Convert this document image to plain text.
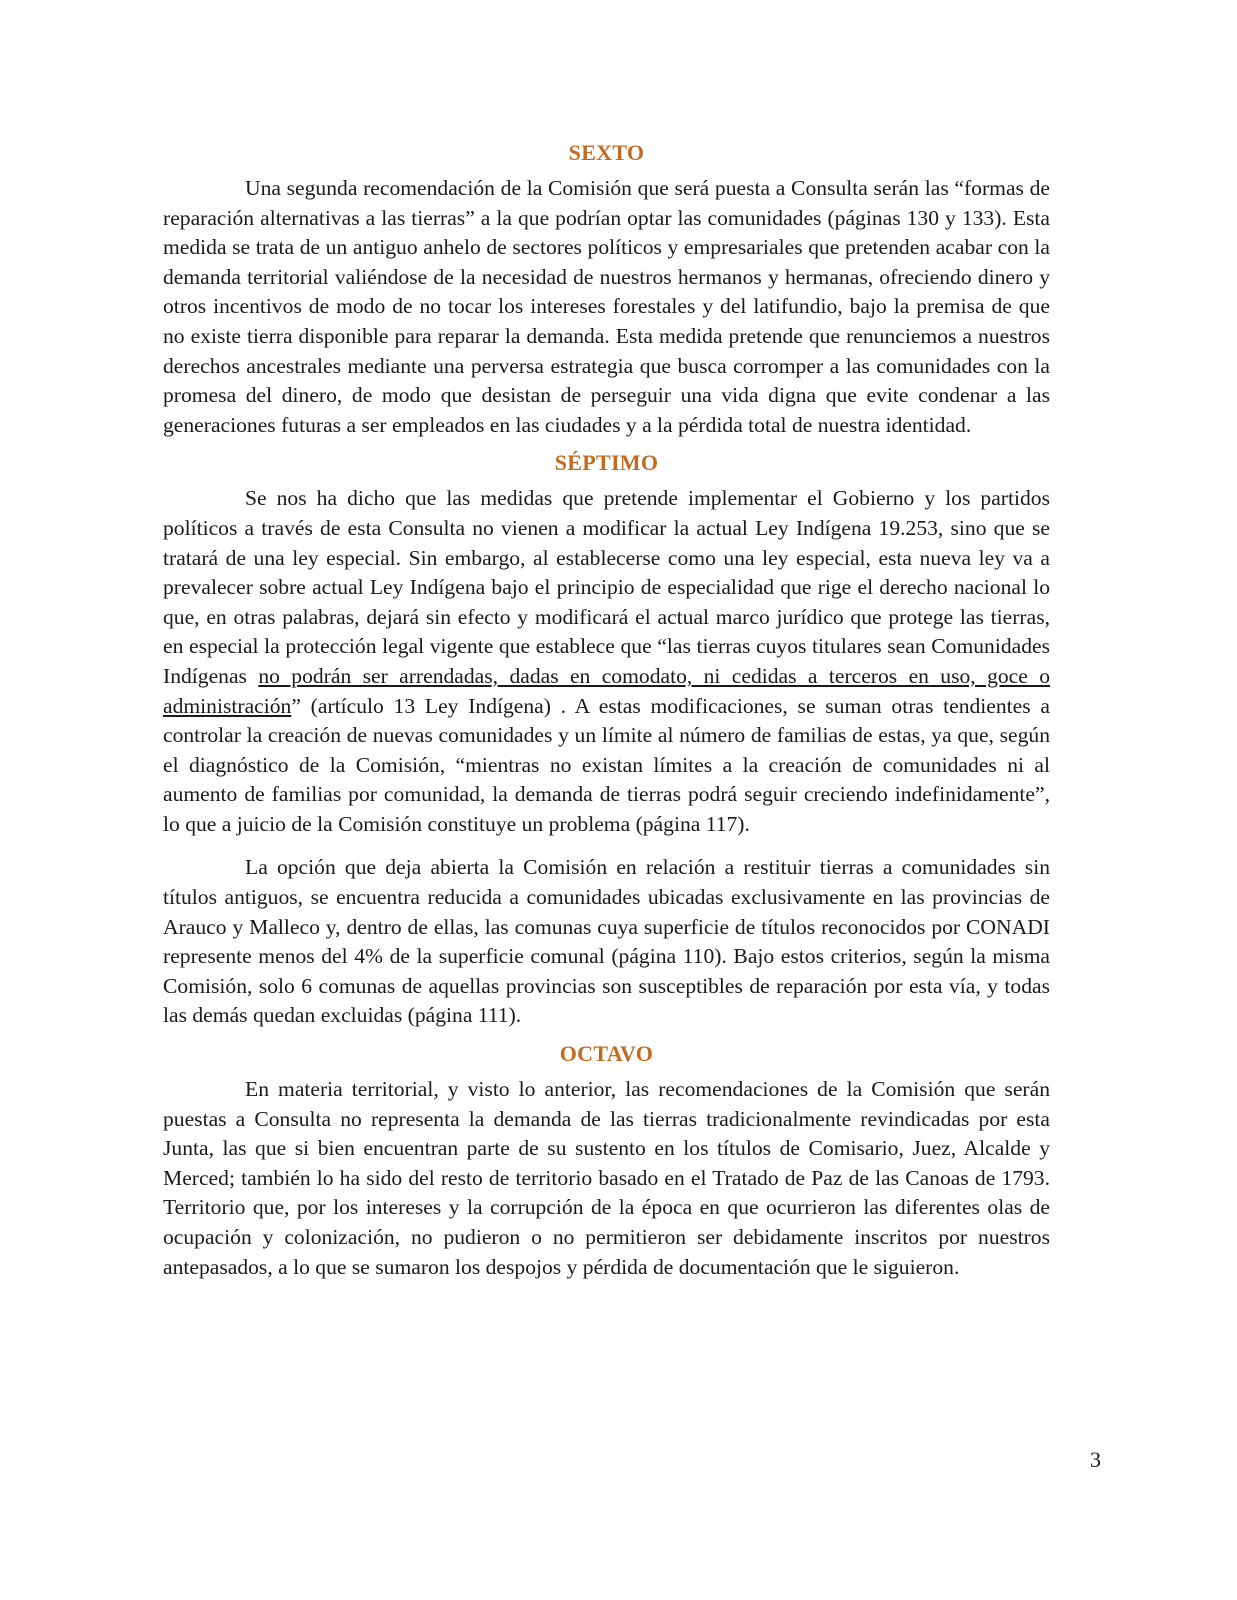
SEXTO

Una segunda recomendación de la Comisión que será puesta a Consulta serán las “formas de reparación alternativas a las tierras” a la que podrían optar las comunidades (páginas 130 y 133). Esta medida se trata de un antiguo anhelo de sectores políticos y empresariales que pretenden acabar con la demanda territorial valiéndose de la necesidad de nuestros hermanos y hermanas, ofreciendo dinero y otros incentivos de modo de no tocar los intereses forestales y del latifundio, bajo la premisa de que no existe tierra disponible para reparar la demanda. Esta medida pretende que renunciemos a nuestros derechos ancestrales mediante una perversa estrategia que busca corromper a las comunidades con la promesa del dinero, de modo que desistan de perseguir una vida digna que evite condenar a las generaciones futuras a ser empleados en las ciudades y a la pérdida total de nuestra identidad.

SÉPTIMO

Se nos ha dicho que las medidas que pretende implementar el Gobierno y los partidos políticos a través de esta Consulta no vienen a modificar la actual Ley Indígena 19.253, sino que se tratará de una ley especial. Sin embargo, al establecerse como una ley especial, esta nueva ley va a prevalecer sobre actual Ley Indígena bajo el principio de especialidad que rige el derecho nacional lo que, en otras palabras, dejará sin efecto y modificará el actual marco jurídico que protege las tierras, en especial la protección legal vigente que establece que “las tierras cuyos titulares sean Comunidades Indígenas no podrán ser arrendadas, dadas en comodato, ni cedidas a terceros en uso, goce o administración” (artículo 13 Ley Indígena) . A estas modificaciones, se suman otras tendientes a controlar la creación de nuevas comunidades y un límite al número de familias de estas, ya que, según el diagnóstico de la Comisión, “mientras no existan límites a la creación de comunidades ni al aumento de familias por comunidad, la demanda de tierras podrá seguir creciendo indefinidamente”, lo que a juicio de la Comisión constituye un problema (página 117).

La opción que deja abierta la Comisión en relación a restituir tierras a comunidades sin títulos antiguos, se encuentra reducida a comunidades ubicadas exclusivamente en las provincias de Arauco y Malleco y, dentro de ellas, las comunas cuya superficie de títulos reconocidos por CONADI represente menos del 4% de la superficie comunal (página 110). Bajo estos criterios, según la misma Comisión, solo 6 comunas de aquellas provincias son susceptibles de reparación por esta vía, y todas las demás quedan excluidas (página 111).

OCTAVO

En materia territorial, y visto lo anterior, las recomendaciones de la Comisión que serán puestas a Consulta no representa la demanda de las tierras tradicionalmente revindicadas por esta Junta, las que si bien encuentran parte de su sustento en los títulos de Comisario, Juez, Alcalde y Merced; también lo ha sido del resto de territorio basado en el Tratado de Paz de las Canoas de 1793. Territorio que, por los intereses y la corrupción de la época en que ocurrieron las diferentes olas de ocupación y colonización, no pudieron o no permitieron ser debidamente inscritos por nuestros antepasados, a lo que se sumaron los despojos y pérdida de documentación que le siguieron.

3
